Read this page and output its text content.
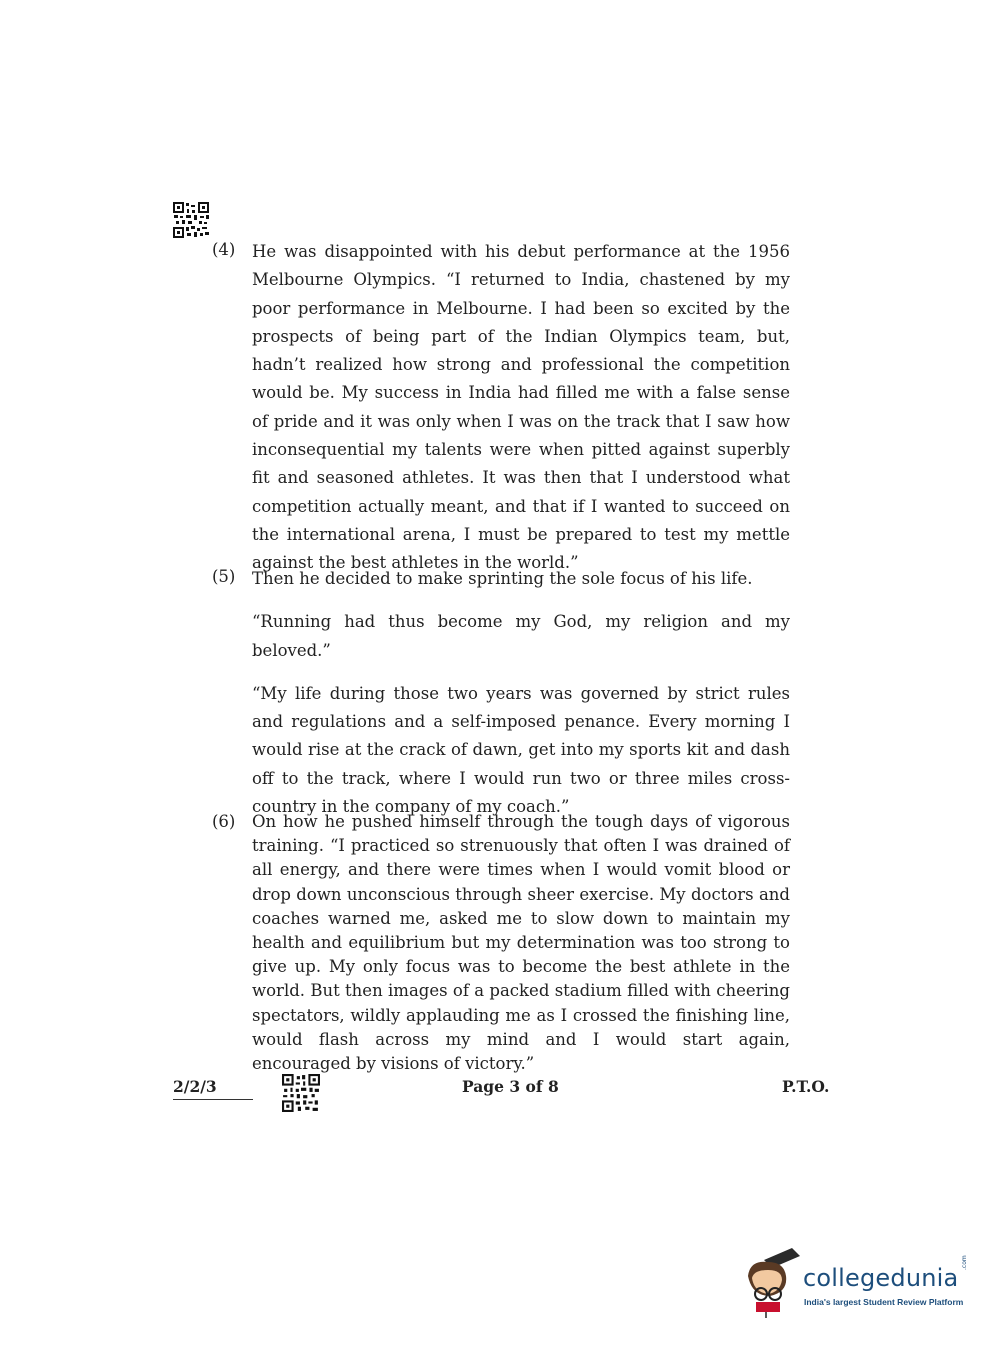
(4) He was disappointed with his debut performance at the 1956 Melbourne Olympics. “I returned to India, chastened by my poor performance in Melbourne. I had been so excited by the prospects of being part of the Indian Olympics team, but, hadn’t realized how strong and professional the competition would be. My success in India had filled me with a false sense of pride and it was only when I was on the track that I saw how inconsequential my talents were when pitted against superbly fit and seasoned athletes. It was then that I understood what competition actually meant, and that if I wanted to succeed on the international arena, I must be prepared to test my mettle against the best athletes in the world.”

(5) Then he decided to make sprinting the sole focus of his life.

“Running had thus become my God, my religion and my beloved.”

“My life during those two years was governed by strict rules and regulations and a self-imposed penance. Every morning I would rise at the crack of dawn, get into my sports kit and dash off to the track, where I would run two or three miles cross-country in the company of my coach.”

(6) On how he pushed himself through the tough days of vigorous training. “I practiced so strenuously that often I was drained of all energy, and there were times when I would vomit blood or drop down unconscious through sheer exercise. My doctors and coaches warned me, asked me to slow down to maintain my health and equilibrium but my determination was too strong to give up. My only focus was to become the best athlete in the world. But then images of a packed stadium filled with cheering spectators, wildly applauding me as I crossed the finishing line, would flash across my mind and I would start again, encouraged by visions of victory.”

2/2/3	Page 3 of 8	P.T.O.
collegedunia
.com
India's largest Student Review Platform
